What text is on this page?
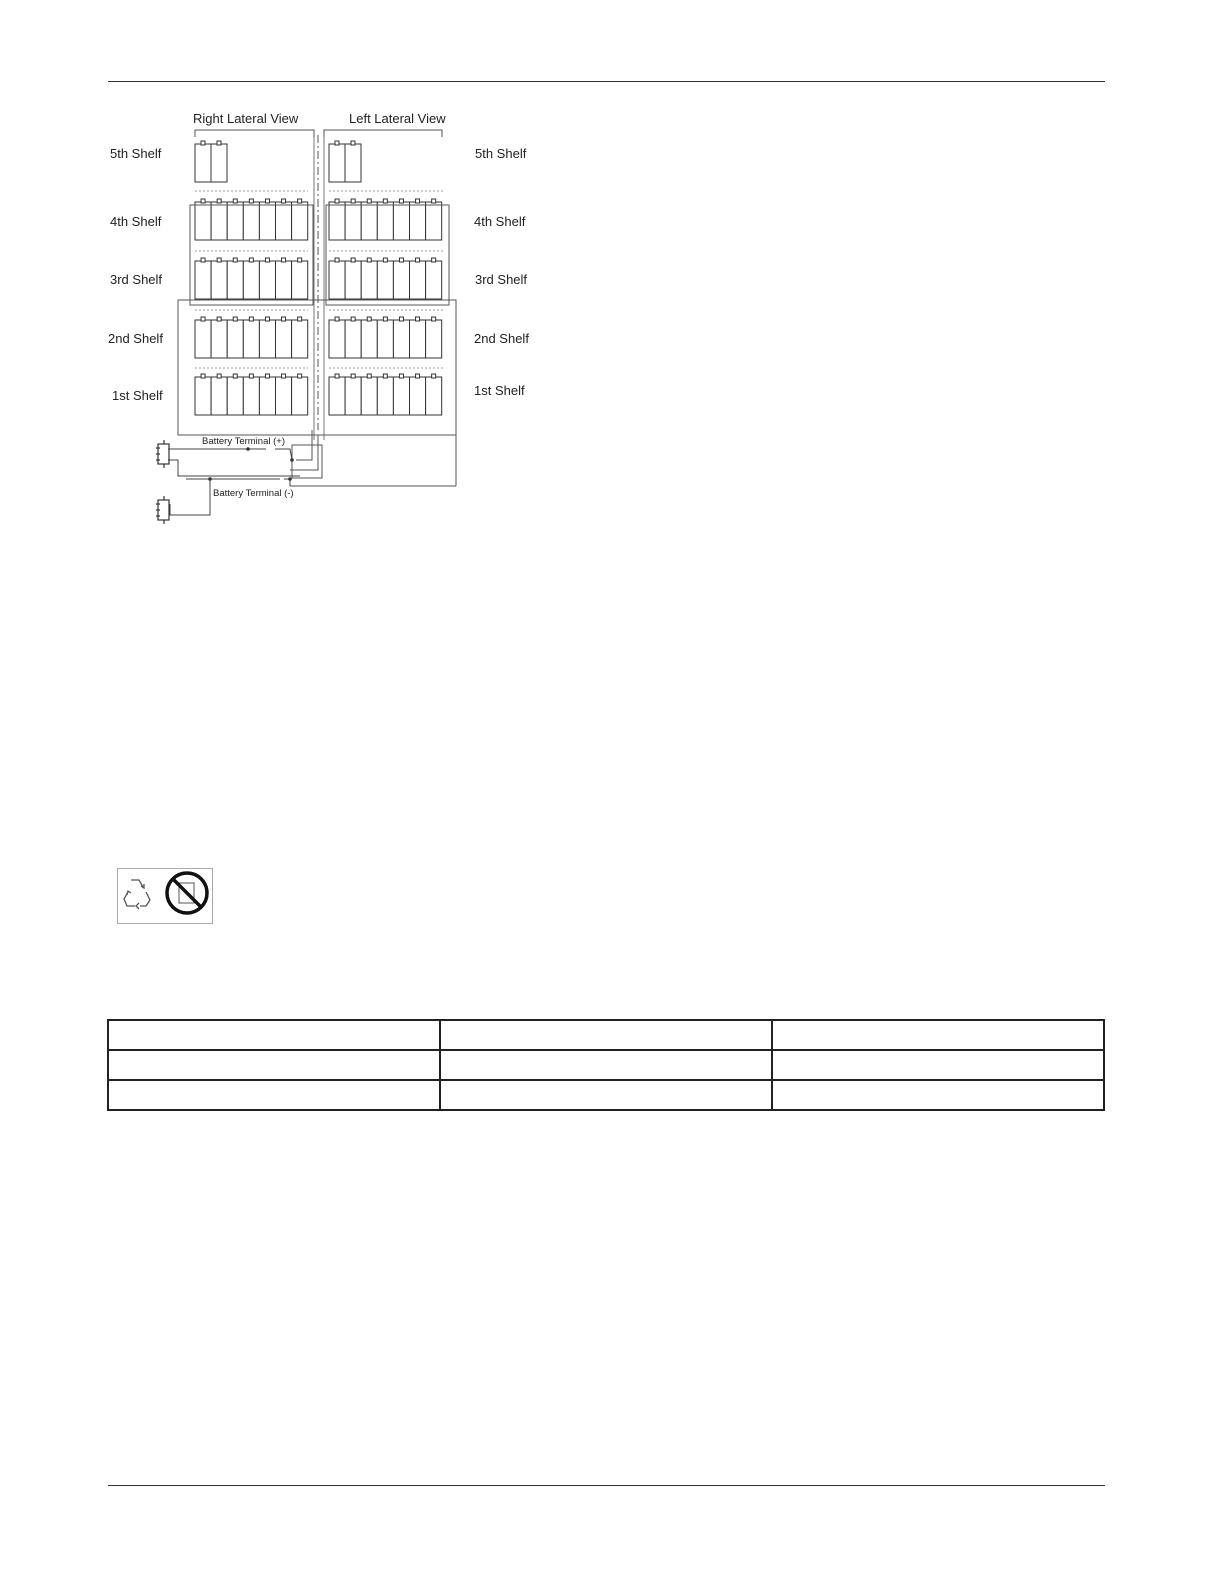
Right Lateral View	Left Lateral View
5th Shelf
4th Shelf
3rd Shelf
2nd Shelf
1st Shelf
5th Shelf
4th Shelf
3rd Shelf
2nd Shelf
1st Shelf
Battery Terminal (+)
Battery Terminal (-)
